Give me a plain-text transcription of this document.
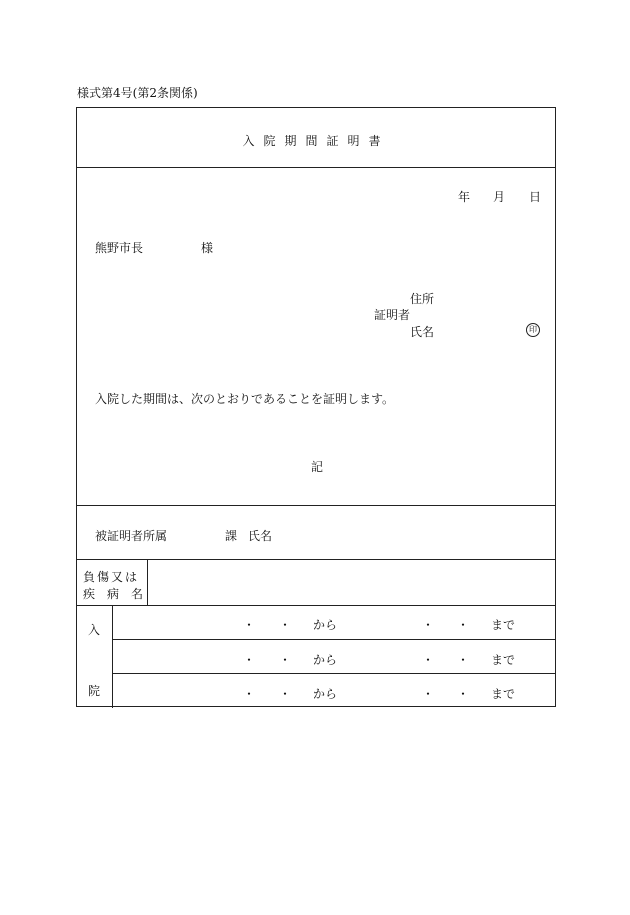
様式第4号(第2条関係)
入院期間証明書
年 月 日
熊野市長	様
住所
証明者
氏名	印
入院した期間は、次のとおりであることを証明します。
記
被証明者所属	課 氏名
負傷又は
疾　病　名
入
院
・ ・ から	・ ・ まで
・ ・ から	・ ・ まで
・ ・ から	・ ・ まで
